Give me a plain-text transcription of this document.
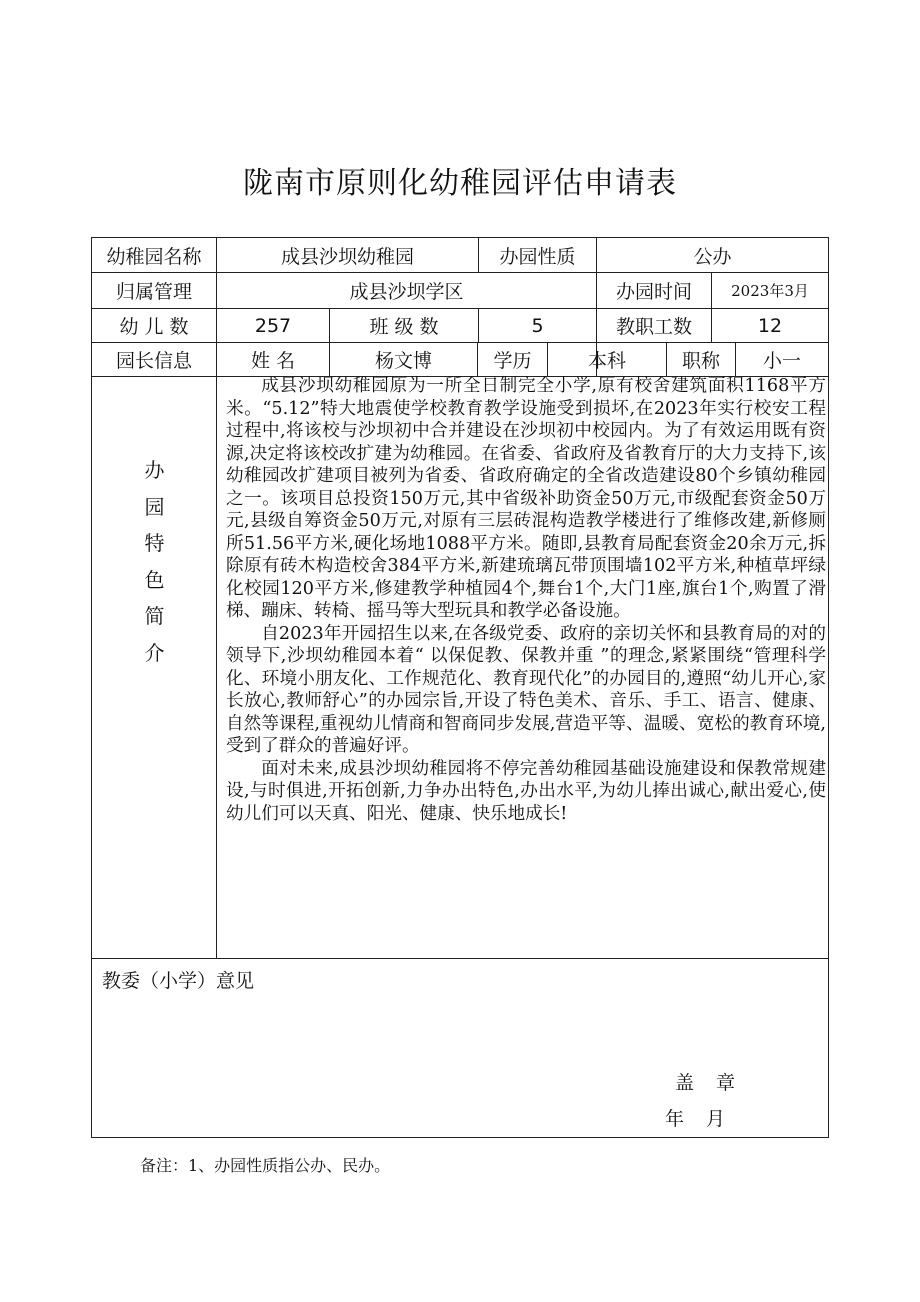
陇南市原则化幼稚园评估申请表
幼稚园名称	成县沙坝幼稚园	办园性质	公办
归属管理	成县沙坝学区	办园时间	2023年3月
幼 儿 数	257	班 级 数	5	教职工数	12
园长信息	姓 名	杨文博	学历	本科	职称	小一
办
园
特
色
简
介

成县沙坝幼稚园原为一所全日制完全小学,原有校舍建筑面积1168平方米。“5.12”特大地震使学校教育教学设施受到损坏,在2023年实行校安工程过程中,将该校与沙坝初中合并建设在沙坝初中校园内。为了有效运用既有资源,决定将该校改扩建为幼稚园。在省委、省政府及省教育厅的大力支持下,该幼稚园改扩建项目被列为省委、省政府确定的全省改造建设80个乡镇幼稚园之一。该项目总投资150万元,其中省级补助资金50万元,市级配套资金50万元,县级自筹资金50万元,对原有三层砖混构造教学楼进行了维修改建,新修厕所51.56平方米,硬化场地1088平方米。随即,县教育局配套资金20余万元,拆除原有砖木构造校舍384平方米,新建琉璃瓦带顶围墙102平方米,种植草坪绿化校园120平方米,修建教学种植园4个,舞台1个,大门1座,旗台1个,购置了滑梯、蹦床、转椅、摇马等大型玩具和教学必备设施。

自2023年开园招生以来,在各级党委、政府的亲切关怀和县教育局的对的领导下,沙坝幼稚园本着“ 以保促教、保教并重 ”的理念,紧紧围绕“管理科学化、环境小朋友化、工作规范化、教育现代化”的办园目的,遵照“幼儿开心,家长放心,教师舒心”的办园宗旨,开设了特色美术、音乐、手工、语言、健康、自然等课程,重视幼儿情商和智商同步发展,营造平等、温暖、宽松的教育环境,受到了群众的普遍好评。

面对未来,成县沙坝幼稚园将不停完善幼稚园基础设施建设和保教常规建设,与时俱进,开拓创新,力争办出特色,办出水平,为幼儿捧出诚心,献出爱心,使幼儿们可以天真、阳光、健康、快乐地成长!

教委（小学）意见
盖 章
年 月
备注：1、办园性质指公办、民办。
